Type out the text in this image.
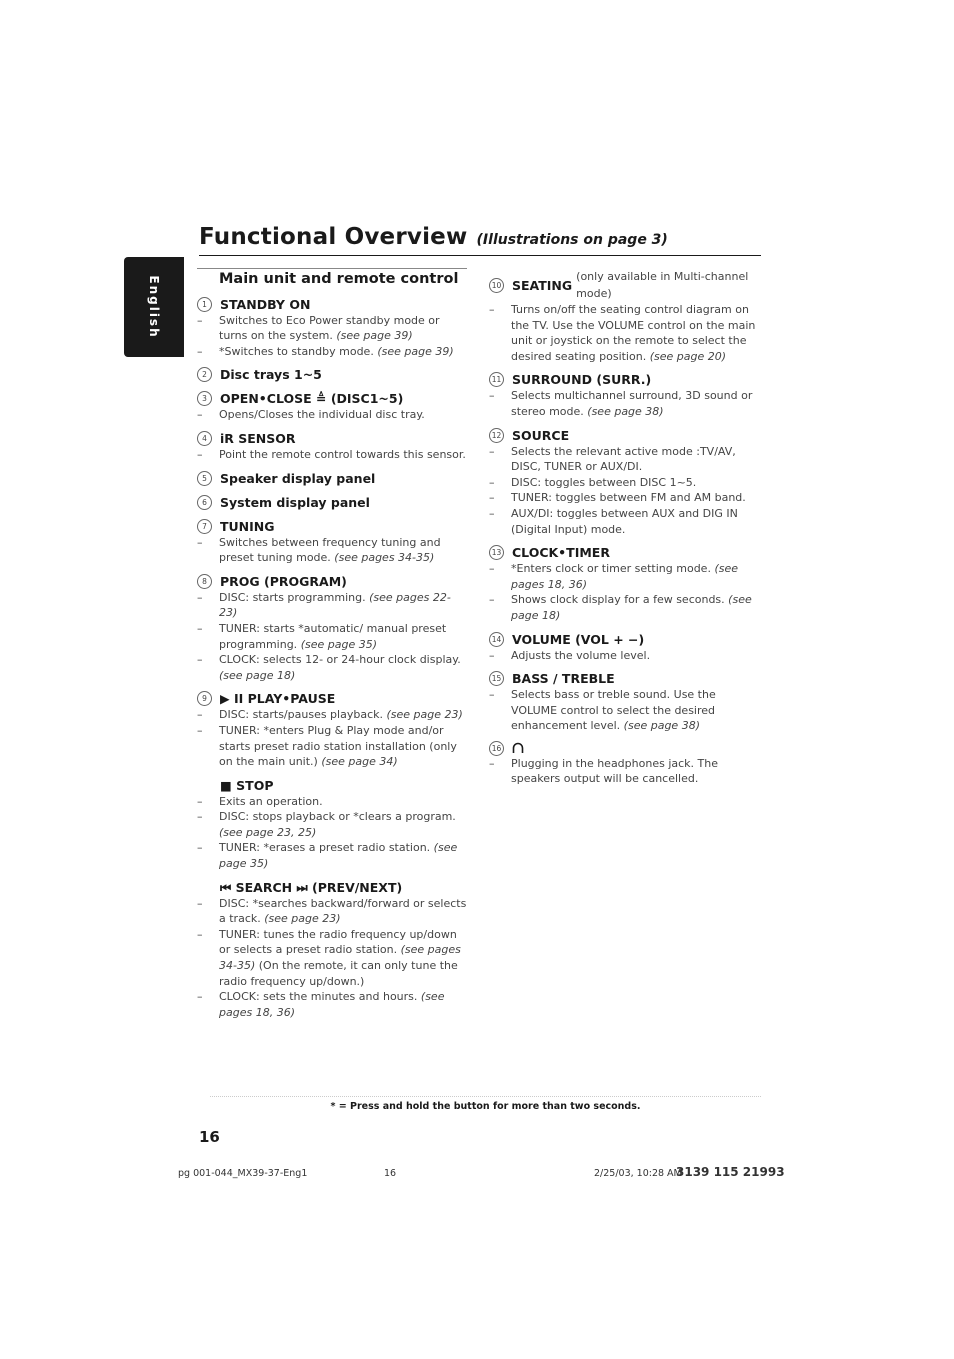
English
Functional Overview (Illustrations on page 3)
Main unit and remote control
1	STANDBY ON
–	Switches to Eco Power standby mode or turns on the system. (see page 39)
–	*Switches to standby mode. (see page 39)
2	Disc trays 1~5
3	OPEN•CLOSE ≜ (DISC1~5)
–	Opens/Closes the individual disc tray.
4	iR SENSOR
–	Point the remote control towards this sensor.
5	Speaker display panel
6	System display panel
7	TUNING
–	Switches between frequency tuning and preset tuning mode. (see pages 34-35)
8	PROG (PROGRAM)
–	DISC: starts programming. (see pages 22-23)
–	TUNER: starts *automatic/ manual preset programming. (see page 35)
–	CLOCK: selects 12- or 24-hour clock display. (see page 18)
9	▶ II PLAY•PAUSE
–	DISC: starts/pauses playback. (see page 23)
–	TUNER: *enters Plug & Play mode and/or starts preset radio station installation (only on the main unit.) (see page 34)
■ STOP
–	Exits an operation.
–	DISC: stops playback or *clears a program. (see page 23, 25)
–	TUNER: *erases a preset radio station. (see page 35)
⏮ SEARCH ⏭ (PREV/NEXT)
–	DISC: *searches backward/forward or selects a track. (see page 23)
–	TUNER: tunes the radio frequency up/down or selects a preset radio station. (see pages 34-35) (On the remote, it can only tune the radio frequency up/down.)
–	CLOCK: sets the minutes and hours. (see pages 18, 36)
10 SEATING
(only available in Multi-channel mode)
–	Turns on/off the seating control diagram on the TV. Use the VOLUME control on the main unit or joystick on the remote to select the desired seating position. (see page 20)
11 SURROUND (SURR.)
–	Selects multichannel surround, 3D sound or stereo mode. (see page 38)
12 SOURCE
–	Selects the relevant active mode :TV/AV, DISC, TUNER or AUX/DI.
–	DISC: toggles between DISC 1~5.
–	TUNER: toggles between FM and AM band.
–	AUX/DI: toggles between AUX and DIG IN (Digital Input) mode.
13 CLOCK•TIMER
–	*Enters clock or timer setting mode. (see pages 18, 36)
–	Shows clock display for a few seconds. (see page 18)
14 VOLUME (VOL + −)
–	Adjusts the volume level.
15 BASS / TREBLE
–	Selects bass or treble sound. Use the VOLUME control to select the desired enhancement level. (see page 38)
16
–	Plugging in the headphones jack. The speakers output will be cancelled.
* = Press and hold the button for more than two seconds.
16
pg 001-044_MX39-37-Eng1	16	2/25/03, 10:28 AM
3139 115 21993
